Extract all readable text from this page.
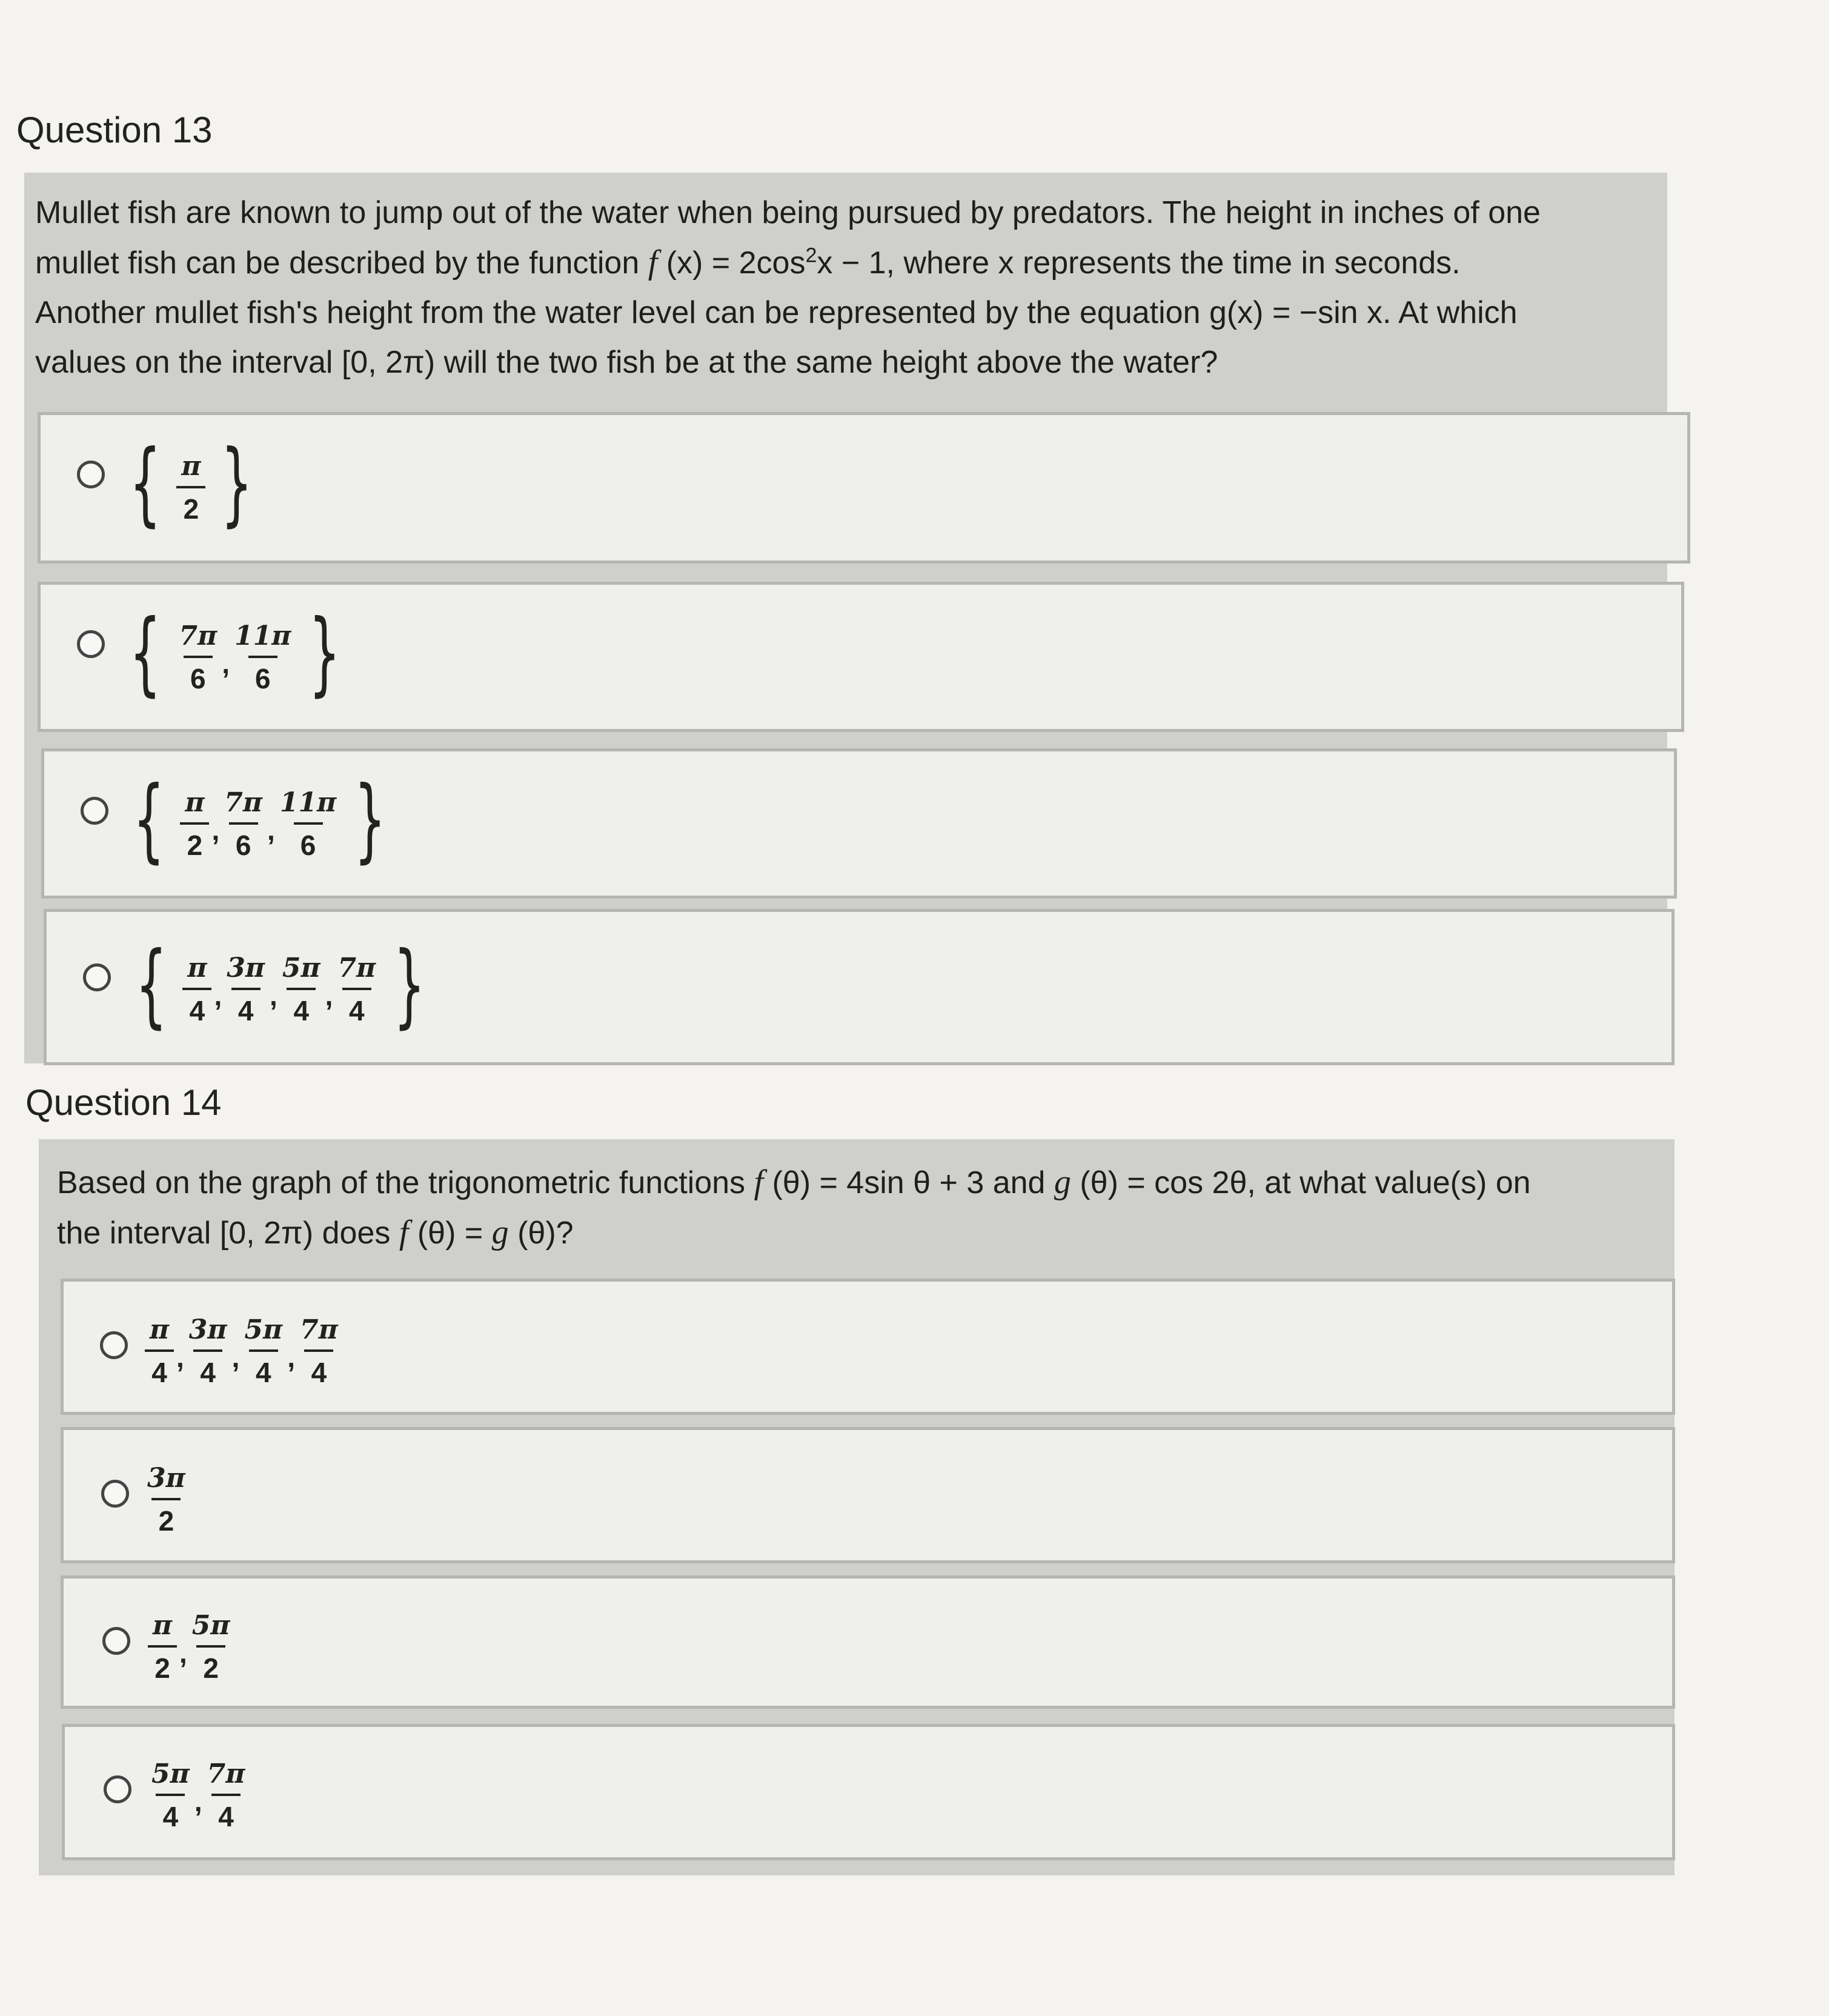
Question 13
Mullet fish are known to jump out of the water when being pursued by predators. The height in inches of one
mullet fish can be described by the function f $(x) = 2\cos^2x - 1$, where x represents the time in seconds.
Another mullet fish's height from the water level can be represented by the equation g(x) = −sin x. At which
values on the interval [0, 2π) will the two fish be at the same height above the water?
{ $\frac{\pi}{2}$ }
{ $\frac{7\pi}{6}$ , $\frac{11\pi}{6}$ }
{ $\frac{\pi}{2}$ , $\frac{7\pi}{6}$ , $\frac{11\pi}{6}$ }
{ $\frac{\pi}{4}$ , $\frac{3\pi}{4}$ , $\frac{5\pi}{4}$ , $\frac{7\pi}{4}$ }
Question 14
Based on the graph of the trigonometric functions f (θ) = 4sin θ + 3 and g (θ) = cos 2θ, at what value(s) on
the interval [0, 2π) does f (θ) = g (θ)?
$\frac{\pi}{4}$ , $\frac{3\pi}{4}$ , $\frac{5\pi}{4}$ , $\frac{7\pi}{4}$
$\frac{3\pi}{2}$
$\frac{\pi}{2}$ , $\frac{5\pi}{2}$
$\frac{5\pi}{4}$ , $\frac{7\pi}{4}$
